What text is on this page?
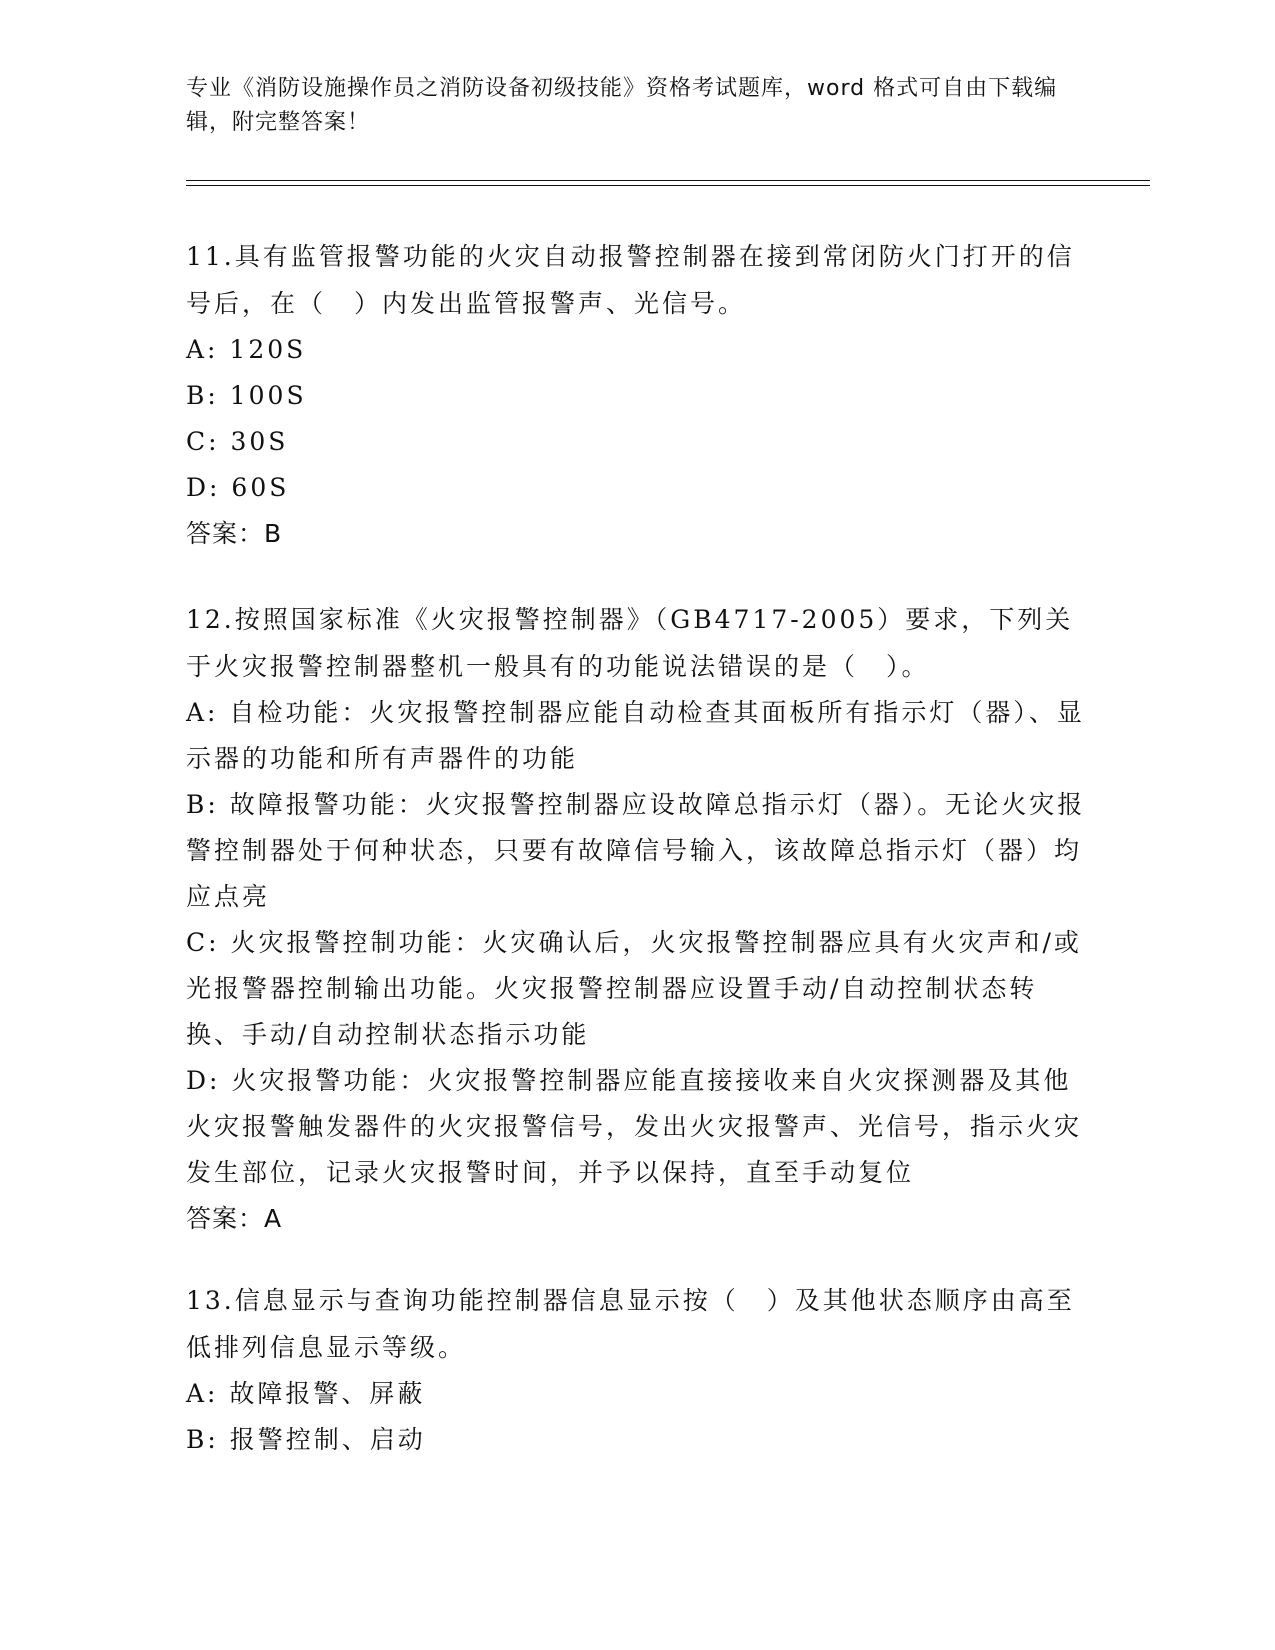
专业《消防设施操作员之消防设备初级技能》资格考试题库，word 格式可自由下载编辑，附完整答案！

11.具有监管报警功能的火灾自动报警控制器在接到常闭防火门打开的信号后，在（　）内发出监管报警声、光信号。

A: 120S
B: 100S
C: 30S
D: 60S

答案：B

12.按照国家标准《火灾报警控制器》（GB4717-2005）要求，下列关于火灾报警控制器整机一般具有的功能说法错误的是（　）。

A: 自检功能：火灾报警控制器应能自动检查其面板所有指示灯（器）、显示器的功能和所有声器件的功能
B: 故障报警功能：火灾报警控制器应设故障总指示灯（器）。无论火灾报警控制器处于何种状态，只要有故障信号输入，该故障总指示灯（器）均应点亮
C: 火灾报警控制功能：火灾确认后，火灾报警控制器应具有火灾声和/或光报警器控制输出功能。火灾报警控制器应设置手动/自动控制状态转换、手动/自动控制状态指示功能
D: 火灾报警功能：火灾报警控制器应能直接接收来自火灾探测器及其他火灾报警触发器件的火灾报警信号，发出火灾报警声、光信号，指示火灾发生部位，记录火灾报警时间，并予以保持，直至手动复位

答案：A

13.信息显示与查询功能控制器信息显示按（　）及其他状态顺序由高至低排列信息显示等级。

A: 故障报警、屏蔽
B: 报警控制、启动
